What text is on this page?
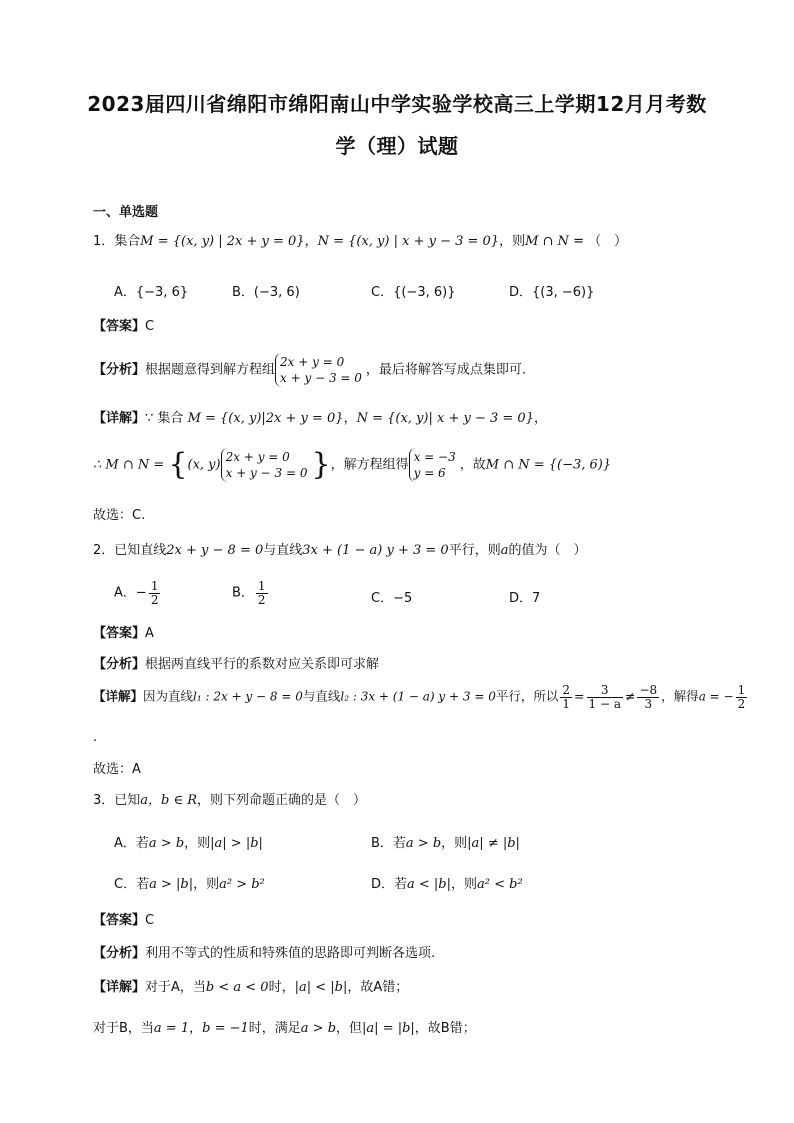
2023届四川省绵阳市绵阳南山中学实验学校高三上学期12月月考数
学（理）试题
一、单选题
1．集合M = {(x, y) | 2x + y = 0}，N = {(x, y) | x + y − 3 = 0}，则M ∩ N = （　）
A．{−3, 6}	B．(−3, 6)	C．{(−3, 6)}	D．{(3, −6)}
【答案】C
【分析】根据题意得到解方程组
2x + y = 0
x + y − 3 = 0
，最后将解答写成点集即可.
【详解】∵ 集合 M = {(x, y)|2x + y = 0}，N = {(x, y)| x + y − 3 = 0}，
∴ M ∩ N = {(x, y)
2x + y = 0
x + y − 3 = 0 }，解方程组得
x = −3
y = 6
，故M ∩ N = {(−3, 6)}
故选：C.
2．已知直线2x + y − 8 = 0与直线3x + (1 − a) y + 3 = 0平行，则a的值为（　）
A．− $\frac{1}{2}$	B． $\frac{1}{2}$	C．−5	D．7
【答案】A
【分析】根据两直线平行的系数对应关系即可求解
【详解】因为直线l₁ : 2x + y − 8 = 0与直线l₂ : 3x + (1 − a) y + 3 = 0平行，所以 $\frac{2}{1} = \frac{3}{1 - a} \ne \frac{-8}{3}$ ，解得a = − $\frac{1}{2}$
.
故选：A
3．已知a，b ∈ R，则下列命题正确的是（　）
A．若a > b，则|a| > |b|	B．若a > b，则|a| ≠ |b|
C．若a > |b|，则a² > b²	D．若a < |b|，则a² < b²
【答案】C
【分析】利用不等式的性质和特殊值的思路即可判断各选项.
【详解】对于A，当b < a < 0时，|a| < |b|，故A错；
对于B，当a = 1，b = −1时，满足a > b，但|a| = |b|，故B错；
